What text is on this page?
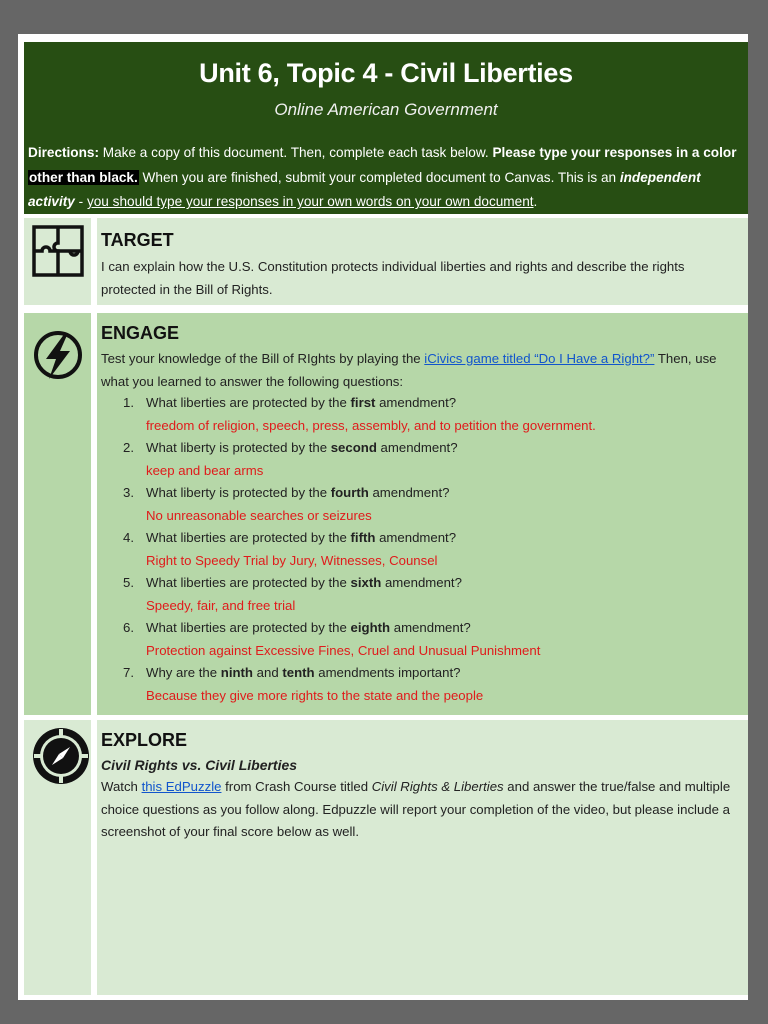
Unit 6, Topic 4 - Civil Liberties
Online American Government
Directions: Make a copy of this document. Then, complete each task below. Please type your responses in a color other than black. When you are finished, submit your completed document to Canvas. This is an independent activity - you should type your responses in your own words on your own document.
TARGET
I can explain how the U.S. Constitution protects individual liberties and rights and describe the rights protected in the Bill of Rights.
ENGAGE
Test your knowledge of the Bill of RIghts by playing the iCivics game titled “Do I Have a Right?” Then, use what you learned to answer the following questions:
1. What liberties are protected by the first amendment?
freedom of religion, speech, press, assembly, and to petition the government.
2. What liberty is protected by the second amendment?
keep and bear arms
3. What liberty is protected by the fourth amendment?
No unreasonable searches or seizures
4. What liberties are protected by the fifth amendment?
Right to Speedy Trial by Jury, Witnesses, Counsel
5. What liberties are protected by the sixth amendment?
Speedy, fair, and free trial
6. What liberties are protected by the eighth amendment?
Protection against Excessive Fines, Cruel and Unusual Punishment
7. Why are the ninth and tenth amendments important?
Because they give more rights to the state and the people
EXPLORE
Civil Rights vs. Civil Liberties
Watch this EdPuzzle from Crash Course titled Civil Rights & Liberties and answer the true/false and multiple choice questions as you follow along. Edpuzzle will report your completion of the video, but please include a screenshot of your final score below as well.
